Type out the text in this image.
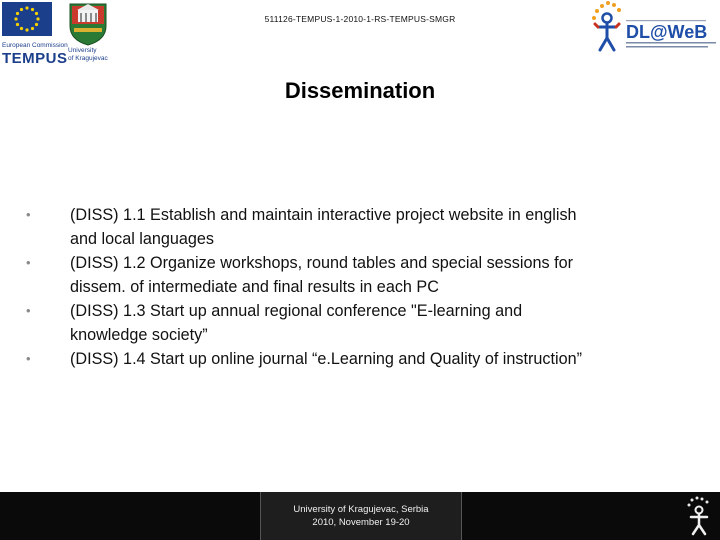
European Commission
TEMPUS University
of Kragujevac
511126-TEMPUS-1-2010-1-RS-TEMPUS-SMGR
DL@WeB
Dissemination
• (DISS) 1.1 Establish and maintain interactive project website in english
and local languages
• (DISS) 1.2 Organize workshops, round tables and special sessions for
dissem. of intermediate and final results in each PC
• (DISS) 1.3 Start up annual regional conference "E-learning and
knowledge society”
• (DISS) 1.4 Start up online journal “e.Learning and Quality of instruction”
University of Kragujevac, Serbia
2010, November 19-20
